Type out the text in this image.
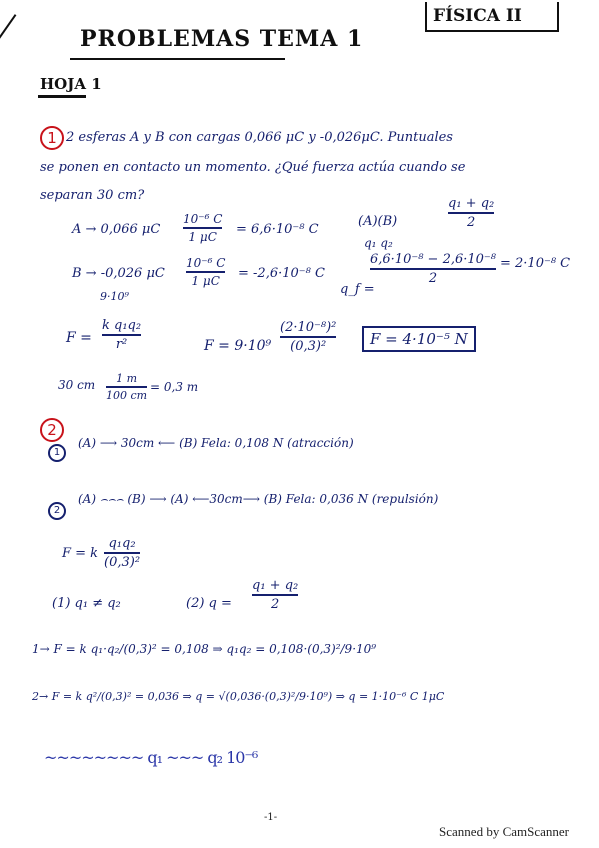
PROBLEMAS TEMA 1
FÍSICA II
HOJA 1
1 2 esferas A y B con cargas 0,066 μC y -0,026μC. Puntuales
se ponen en contacto un momento. ¿Qué fuerza actúa cuando se
separan 30 cm?
A → 0,066 μC
10⁻⁶ C
1 μC = 6,6·10⁻⁸ C
(A)(B)
q₁ q₂
q₁ + q₂
2
B → -0,026 μC
10⁻⁶ C
1 μC = -2,6·10⁻⁸ C
9·10⁹	q_f =
6,6·10⁻⁸ − 2,6·10⁻⁸
2
= 2·10⁻⁸ C
F =
k q₁q₂
r²	F = 9·10⁹
(2·10⁻⁸)²
(0,3)²	F = 4·10⁻⁵ N
30 cm 1 m
100 cm
= 0,3 m
2
1
(A) ⟶ 30cm ⟵ (B) Fela: 0,108 N (atracción)
2
(A) ⌢⌢⌢ (B) ⟶ (A) ⟵30cm⟶ (B) Fela: 0,036 N (repulsión)
F = k
q₁q₂
(0,3)²
(1) q₁ ≠ q₂	(2) q =
q₁ + q₂
2
1→ F = k q₁·q₂/(0,3)² = 0,108 ⇒ q₁q₂ = 0,108·(0,3)²/9·10⁹
2→ F = k q²/(0,3)² = 0,036 ⇒ q = √(0,036·(0,3)²/9·10⁹) ⇒ q = 1·10⁻⁶ C 1μC
~~~~~~~~ q₁ ~~~ q₂ 10⁻⁶
-1-
Scanned by CamScanner
